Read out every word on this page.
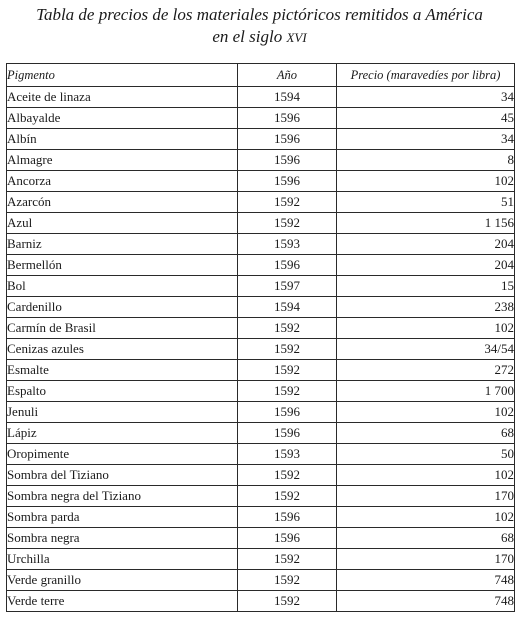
Tabla de precios de los materiales pictóricos remitidos a América
en el siglo XVI
Pigmento	Año	Precio (maravedíes por libra)
Aceite de linaza	1594	34
Albayalde	1596	45
Albín	1596	34
Almagre	1596	8
Ancorza	1596	102
Azarcón	1592	51
Azul	1592	1 156
Barniz	1593	204
Bermellón	1596	204
Bol	1597	15
Cardenillo	1594	238
Carmín de Brasil	1592	102
Cenizas azules	1592	34/54
Esmalte	1592	272
Espalto	1592	1 700
Jenuli	1596	102
Lápiz	1596	68
Oropimente	1593	50
Sombra del Tiziano	1592	102
Sombra negra del Tiziano	1592	170
Sombra parda	1596	102
Sombra negra	1596	68
Urchilla	1592	170
Verde granillo	1592	748
Verde terre	1592	748
